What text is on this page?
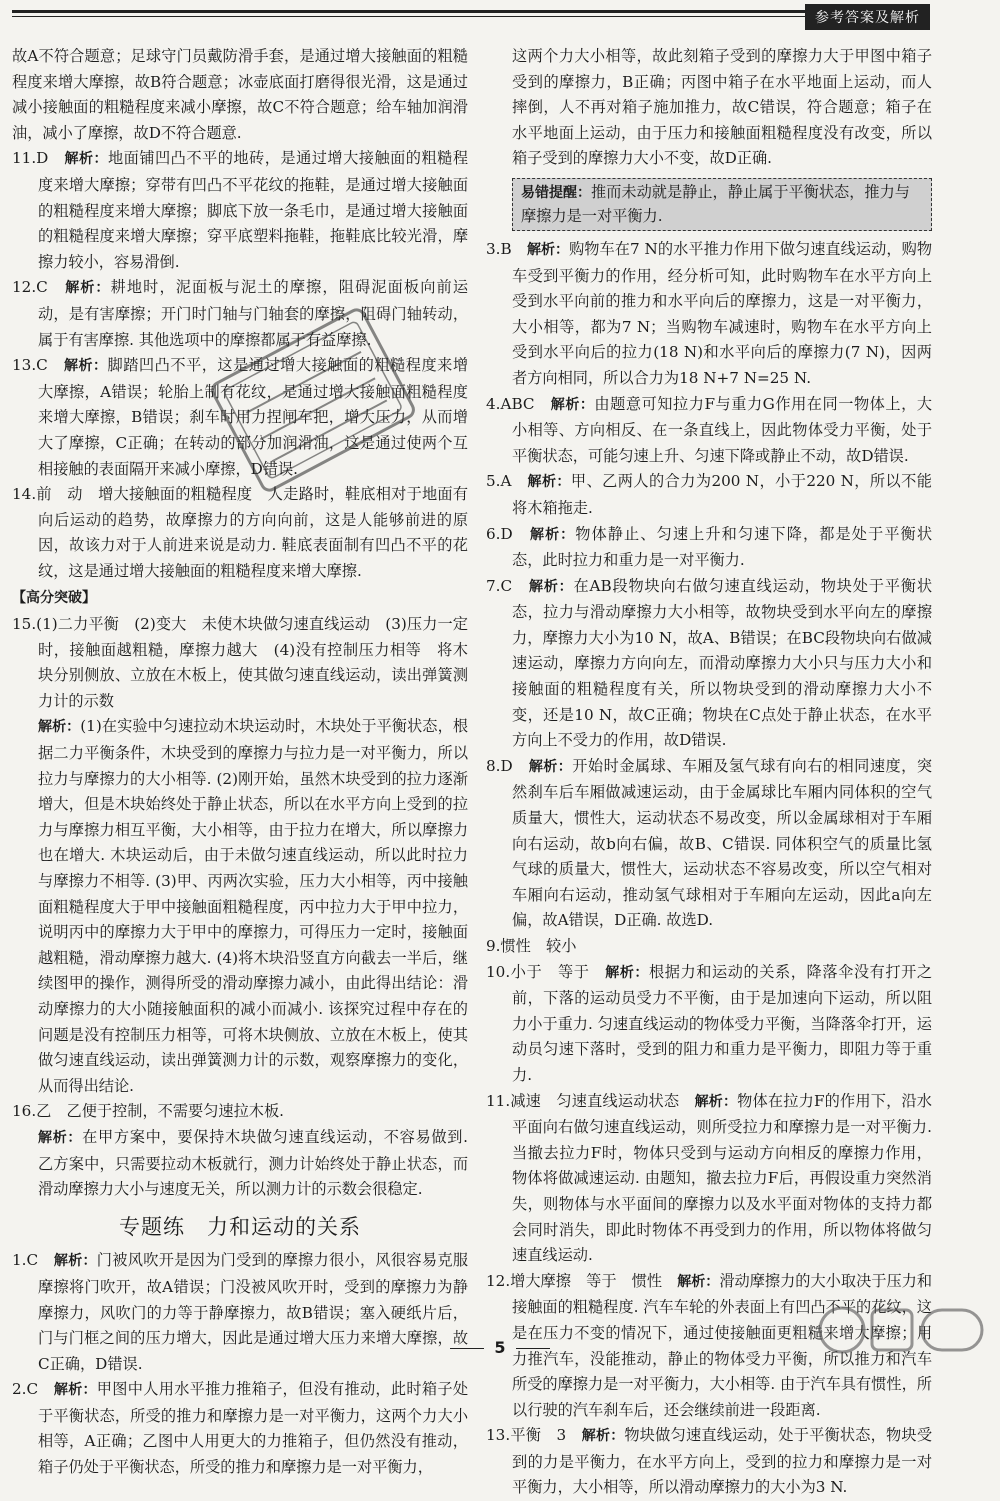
参考答案及解析

故A不符合题意；足球守门员戴防滑手套，是通过增大接触面的粗糙程度来增大摩擦，故B符合题意；冰壶底面打磨得很光滑，这是通过减小接触面的粗糙程度来减小摩擦，故C不符合题意；给车轴加润滑油，减小了摩擦，故D不符合题意.

11.D　 解析：地面铺凹凸不平的地砖，是通过增大接触面的粗糙程度来增大摩擦；穿带有凹凸不平花纹的拖鞋，是通过增大接触面的粗糙程度来增大摩擦；脚底下放一条毛巾，是通过增大接触面的粗糙程度来增大摩擦；穿平底塑料拖鞋，拖鞋底比较光滑，摩擦力较小，容易滑倒.

12.C　 解析：耕地时，泥面板与泥土的摩擦，阻碍泥面板向前运动，是有害摩擦；开门时门轴与门轴套的摩擦，阻碍门轴转动，属于有害摩擦. 其他选项中的摩擦都属于有益摩擦.

13.C　 解析：脚踏凹凸不平，这是通过增大接触面的粗糙程度来增大摩擦，A错误；轮胎上制有花纹，是通过增大接触面粗糙程度来增大摩擦，B错误；刹车时用力捏闸车把，增大压力，从而增大了摩擦，C正确；在转动的部分加润滑油，这是通过使两个互相接触的表面隔开来减小摩擦，D错误.

14.前　动　 增大接触面的粗糙程度　人走路时，鞋底相对于地面有向后运动的趋势，故摩擦力的方向向前，这是人能够前进的原因，故该力对于人前进来说是动力. 鞋底表面制有凹凸不平的花纹，这是通过增大接触面的粗糙程度来增大摩擦.

【高分突破】

15.(1)二力平衡　(2)变大　未使木块做匀速直线运动　(3)压力一定时，接触面越粗糙，摩擦力越大　(4)没有控制压力相等　将木块分别侧放、立放在木板上，使其做匀速直线运动，读出弹簧测力计的示数

解析：(1)在实验中匀速拉动木块运动时，木块处于平衡状态，根据二力平衡条件，木块受到的摩擦力与拉力是一对平衡力，所以拉力与摩擦力的大小相等. (2)刚开始，虽然木块受到的拉力逐渐增大，但是木块始终处于静止状态，所以在水平方向上受到的拉力与摩擦力相互平衡，大小相等，由于拉力在增大，所以摩擦力也在增大. 木块运动后，由于未做匀速直线运动，所以此时拉力与摩擦力不相等. (3)甲、丙两次实验，压力大小相等，丙中接触面粗糙程度大于甲中接触面粗糙程度，丙中拉力大于甲中拉力，说明丙中的摩擦力大于甲中的摩擦力，可得压力一定时，接触面越粗糙，滑动摩擦力越大. (4)将木块沿竖直方向截去一半后，继续图甲的操作，测得所受的滑动摩擦力减小，由此得出结论：滑动摩擦力的大小随接触面积的减小而减小. 该探究过程中存在的问题是没有控制压力相等，可将木块侧放、立放在木板上，使其做匀速直线运动，读出弹簧测力计的示数，观察摩擦力的变化，从而得出结论.

16.乙　乙便于控制，不需要匀速拉木板.

解析：在甲方案中，要保持木块做匀速直线运动，不容易做到. 乙方案中，只需要拉动木板就行，测力计始终处于静止状态，而滑动摩擦力大小与速度无关，所以测力计的示数会很稳定.

专题练　力和运动的关系

1.C　 解析：门被风吹开是因为门受到的摩擦力很小，风很容易克服摩擦将门吹开，故A错误；门没被风吹开时，受到的摩擦力为静摩擦力，风吹门的力等于静摩擦力，故B错误；塞入硬纸片后，门与门框之间的压力增大，因此是通过增大压力来增大摩擦，故C正确，D错误.

2.C　 解析：甲图中人用水平推力推箱子，但没有推动，此时箱子处于平衡状态，所受的推力和摩擦力是一对平衡力，这两个力大小相等，A正确；乙图中人用更大的力推箱子，但仍然没有推动，箱子仍处于平衡状态，所受的推力和摩擦力是一对平衡力，

这两个力大小相等，故此刻箱子受到的摩擦力大于甲图中箱子受到的摩擦力，B正确；丙图中箱子在水平地面上运动，而人摔倒，人不再对箱子施加推力，故C错误，符合题意；箱子在水平地面上运动，由于压力和接触面粗糙程度没有改变，所以箱子受到的摩擦力大小不变，故D正确.

易错提醒：推而未动就是静止，静止属于平衡状态，推力与摩擦力是一对平衡力.

3.B　 解析：购物车在7 N的水平推力作用下做匀速直线运动，购物车受到平衡力的作用，经分析可知，此时购物车在水平方向上受到水平向前的推力和水平向后的摩擦力，这是一对平衡力，大小相等，都为7 N；当购物车减速时，购物车在水平方向上受到水平向后的拉力(18 N)和水平向后的摩擦力(7 N)，因两者方向相同，所以合力为18 N+7 N=25 N.

4.ABC　 解析：由题意可知拉力F与重力G作用在同一物体上，大小相等、方向相反、在一条直线上，因此物体受力平衡，处于平衡状态，可能匀速上升、匀速下降或静止不动，故D错误.

5.A　 解析：甲、乙两人的合力为200 N，小于220 N，所以不能将木箱拖走.

6.D　 解析：物体静止、匀速上升和匀速下降，都是处于平衡状态，此时拉力和重力是一对平衡力.

7.C　 解析：在AB段物块向右做匀速直线运动，物块处于平衡状态，拉力与滑动摩擦力大小相等，故物块受到水平向左的摩擦力，摩擦力大小为10 N，故A、B错误；在BC段物块向右做减速运动，摩擦力方向向左，而滑动摩擦力大小只与压力大小和接触面的粗糙程度有关，所以物块受到的滑动摩擦力大小不变，还是10 N，故C正确；物块在C点处于静止状态，在水平方向上不受力的作用，故D错误.

8.D　 解析：开始时金属球、车厢及氢气球有向右的相同速度，突然刹车后车厢做减速运动，由于金属球比车厢内同体积的空气质量大，惯性大，运动状态不易改变，所以金属球相对于车厢向右运动，故b向右偏，故B、C错误. 同体积空气的质量比氢气球的质量大，惯性大，运动状态不容易改变，所以空气相对车厢向右运动，推动氢气球相对于车厢向左运动，因此a向左偏，故A错误，D正确. 故选D.

9.惯性　较小

10.小于　等于　 解析：根据力和运动的关系，降落伞没有打开之前，下落的运动员受力不平衡，由于是加速向下运动，所以阻力小于重力. 匀速直线运动的物体受力平衡，当降落伞打开，运动员匀速下落时，受到的阻力和重力是平衡力，即阻力等于重力.

11.减速　匀速直线运动状态　 解析：物体在拉力F的作用下，沿水平面向右做匀速直线运动，则所受拉力和摩擦力是一对平衡力. 当撤去拉力F时，物体只受到与运动方向相反的摩擦力作用，物体将做减速运动. 由题知，撤去拉力F后，再假设重力突然消失，则物体与水平面间的摩擦力以及水平面对物体的支持力都会同时消失，即此时物体不再受到力的作用，所以物体将做匀速直线运动.

12.增大摩擦　等于　惯性　 解析：滑动摩擦力的大小取决于压力和接触面的粗糙程度. 汽车车轮的外表面上有凹凸不平的花纹，这是在压力不变的情况下，通过使接触面更粗糙来增大摩擦；用力推汽车，没能推动，静止的物体受力平衡，所以推力和汽车所受的摩擦力是一对平衡力，大小相等. 由于汽车具有惯性，所以行驶的汽车刹车后，还会继续前进一段距离.

13.平衡　3　 解析：物块做匀速直线运动，处于平衡状态，物块受到的力是平衡力，在水平方向上，受到的拉力和摩擦力是一对平衡力，大小相等，所以滑动摩擦力的大小为3 N.

5
